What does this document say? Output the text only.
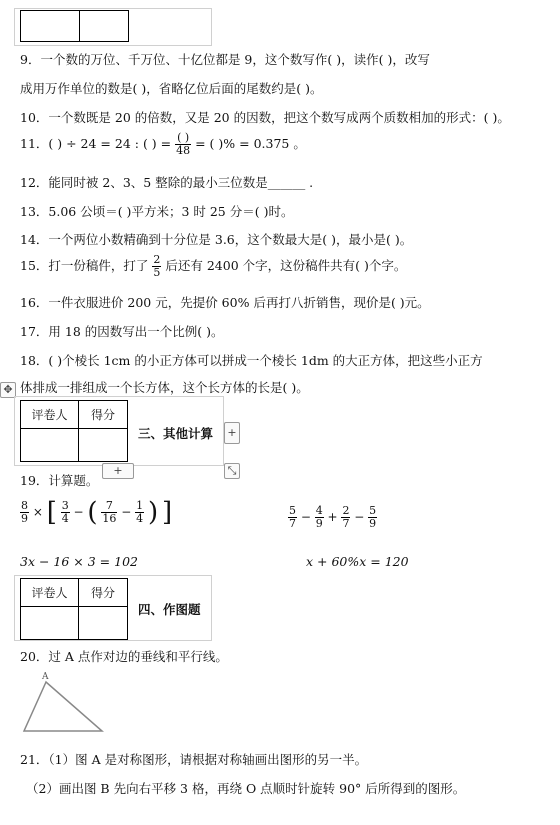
9．一个数的万位、千万位、十亿位都是 9，这个数写作( )，读作( )，改写
成用万作单位的数是( )，省略亿位后面的尾数约是( )。
10．一个数既是 20 的倍数，又是 20 的因数，把这个数写成两个质数相加的形式：( )。
11．( ) ÷ 24 = 24 : ( ) = $\frac{( )}{48}$ = ( )% = 0.375 。
12．能同时被 2、3、5 整除的最小三位数是______ .
13．5.06 公顷＝( )平方米；3 时 25 分＝( )时。
14．一个两位小数精确到十分位是 3.6，这个数最大是( )，最小是( )。
15．打一份稿件，打了 $\frac{2}{5}$ 后还有 2400 个字，这份稿件共有( )个字。
16．一件衣服进价 200 元，先提价 60% 后再打八折销售，现价是( )元。
17．用 18 的因数写出一个比例( )。
18．( )个棱长 1cm 的小正方体可以拼成一个棱长 1dm 的大正方体，把这些小正方
体排成一排组成一个长方体，这个长方体的长是( )。
✥
评卷人	得分
三、其他计算	+
+	⤡
19．计算题。
$\frac{8}{9}$ × [ $\frac{3}{4}$ − ( $\frac{7}{16} - \frac{1}{4}$ ) ]	$\frac{5}{7} - \frac{4}{9} + \frac{2}{7} - \frac{5}{9}$
3x − 16 × 3 = 102	x + 60%x = 120
评卷人	得分
四、作图题
20．过 A 点作对边的垂线和平行线。
A
21．（1）图 A 是对称图形，请根据对称轴画出图形的另一半。
（2）画出图 B 先向右平移 3 格，再绕 O 点顺时针旋转 90° 后所得到的图形。
